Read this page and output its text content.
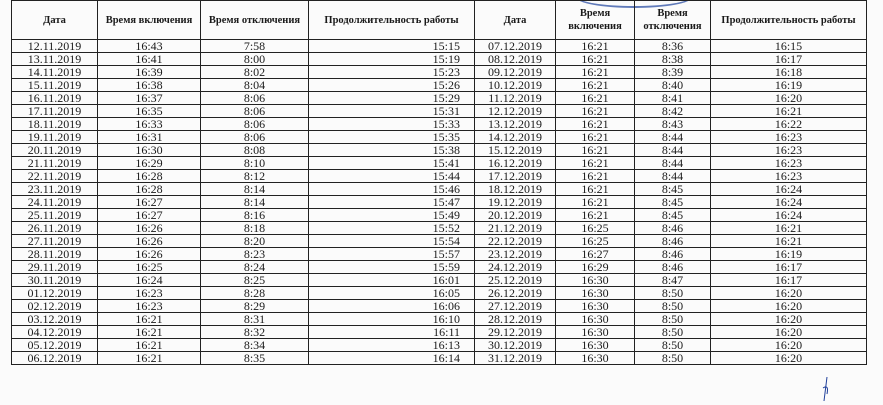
Дата	Время включения	Время отключения	Продолжительность работы	Дата	Время включения	Время отключения	Продолжительность работы
12.11.2019	16:43	7:58	15:15	07.12.2019	16:21	8:36	16:15
13.11.2019	16:41	8:00	15:19	08.12.2019	16:21	8:38	16:17
14.11.2019	16:39	8:02	15:23	09.12.2019	16:21	8:39	16:18
15.11.2019	16:38	8:04	15:26	10.12.2019	16:21	8:40	16:19
16.11.2019	16:37	8:06	15:29	11.12.2019	16:21	8:41	16:20
17.11.2019	16:35	8:06	15:31	12.12.2019	16:21	8:42	16:21
18.11.2019	16:33	8:06	15:33	13.12.2019	16:21	8:43	16:22
19.11.2019	16:31	8:06	15:35	14.12.2019	16:21	8:44	16:23
20.11.2019	16:30	8:08	15:38	15.12.2019	16:21	8:44	16:23
21.11.2019	16:29	8:10	15:41	16.12.2019	16:21	8:44	16:23
22.11.2019	16:28	8:12	15:44	17.12.2019	16:21	8:44	16:23
23.11.2019	16:28	8:14	15:46	18.12.2019	16:21	8:45	16:24
24.11.2019	16:27	8:14	15:47	19.12.2019	16:21	8:45	16:24
25.11.2019	16:27	8:16	15:49	20.12.2019	16:21	8:45	16:24
26.11.2019	16:26	8:18	15:52	21.12.2019	16:25	8:46	16:21
27.11.2019	16:26	8:20	15:54	22.12.2019	16:25	8:46	16:21
28.11.2019	16:26	8:23	15:57	23.12.2019	16:27	8:46	16:19
29.11.2019	16:25	8:24	15:59	24.12.2019	16:29	8:46	16:17
30.11.2019	16:24	8:25	16:01	25.12.2019	16:30	8:47	16:17
01.12.2019	16:23	8:28	16:05	26.12.2019	16:30	8:50	16:20
02.12.2019	16:23	8:29	16:06	27.12.2019	16:30	8:50	16:20
03.12.2019	16:21	8:31	16:10	28.12.2019	16:30	8:50	16:20
04.12.2019	16:21	8:32	16:11	29.12.2019	16:30	8:50	16:20
05.12.2019	16:21	8:34	16:13	30.12.2019	16:30	8:50	16:20
06.12.2019	16:21	8:35	16:14	31.12.2019	16:30	8:50	16:20
